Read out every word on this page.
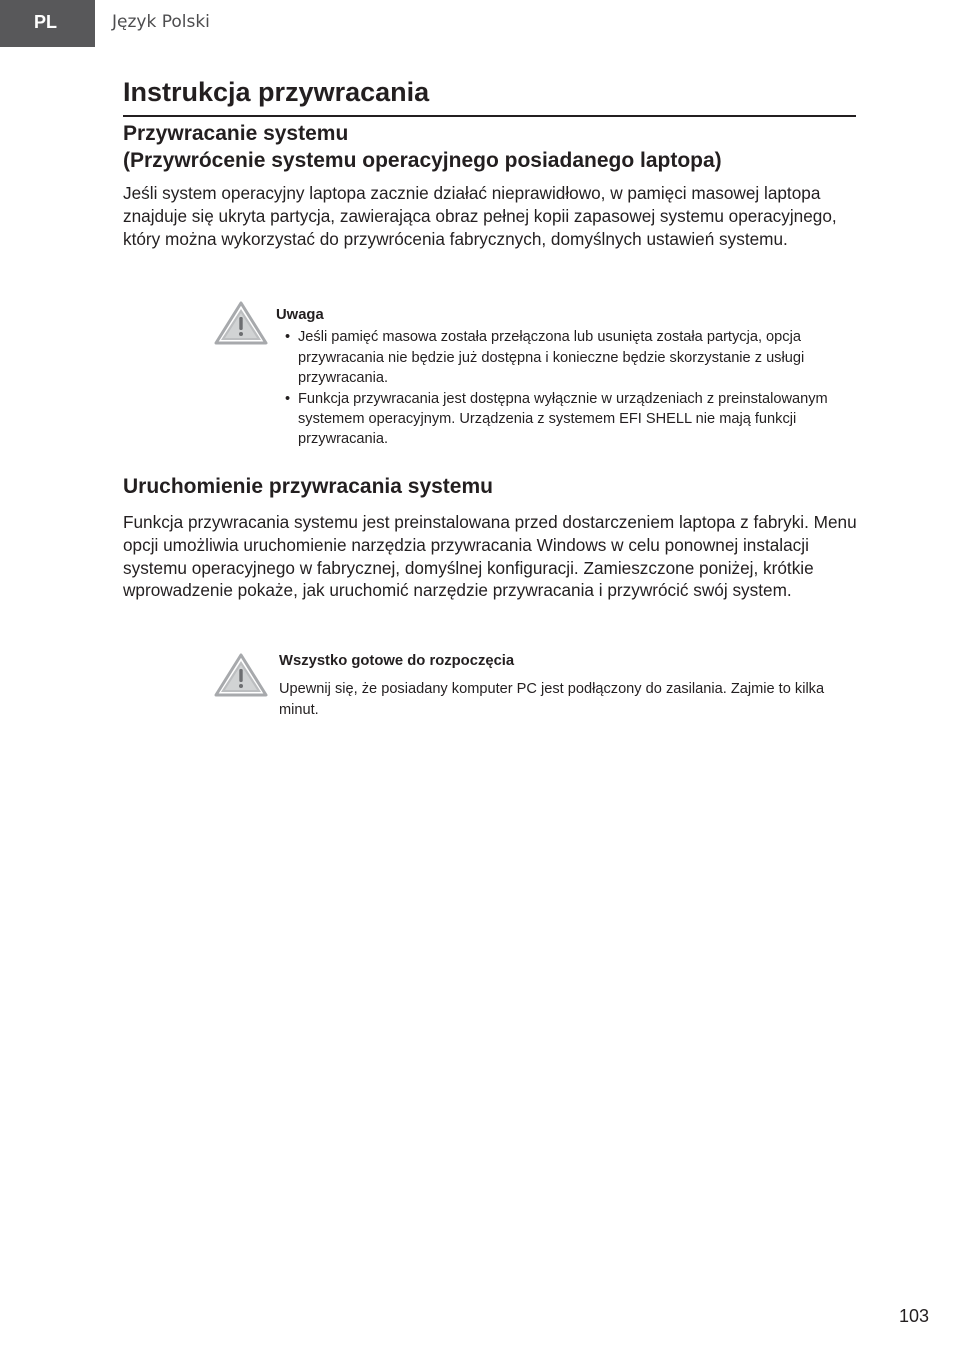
PL	Język Polski
Instrukcja przywracania
Przywracanie systemu
(Przywrócenie systemu operacyjnego posiadanego laptopa)

Jeśli system operacyjny laptopa zacznie działać nieprawidłowo, w pamięci masowej laptopa znajduje się ukryta partycja, zawierająca obraz pełnej kopii zapasowej systemu operacyjnego, który można wykorzystać do przywrócenia fabrycznych, domyślnych ustawień systemu.

Uwaga

• Jeśli pamięć masowa została przełączona lub usunięta została partycja, opcja przywracania nie będzie już dostępna i konieczne będzie skorzystanie z usługi przywracania.
• Funkcja przywracania jest dostępna wyłącznie w urządzeniach z preinstalowanym systemem operacyjnym. Urządzenia z systemem EFI SHELL nie mają funkcji przywracania.
Uruchomienie przywracania systemu

Funkcja przywracania systemu jest preinstalowana przed dostarczeniem laptopa z fabryki. Menu opcji umożliwia uruchomienie narzędzia przywracania Windows w celu ponownej instalacji systemu operacyjnego w fabrycznej, domyślnej konfiguracji. Zamieszczone poniżej, krótkie wprowadzenie pokaże, jak uruchomić narzędzie przywracania i przywrócić swój system.

Wszystko gotowe do rozpoczęcia

Upewnij się, że posiadany komputer PC jest podłączony do zasilania. Zajmie to kilka minut.

103
